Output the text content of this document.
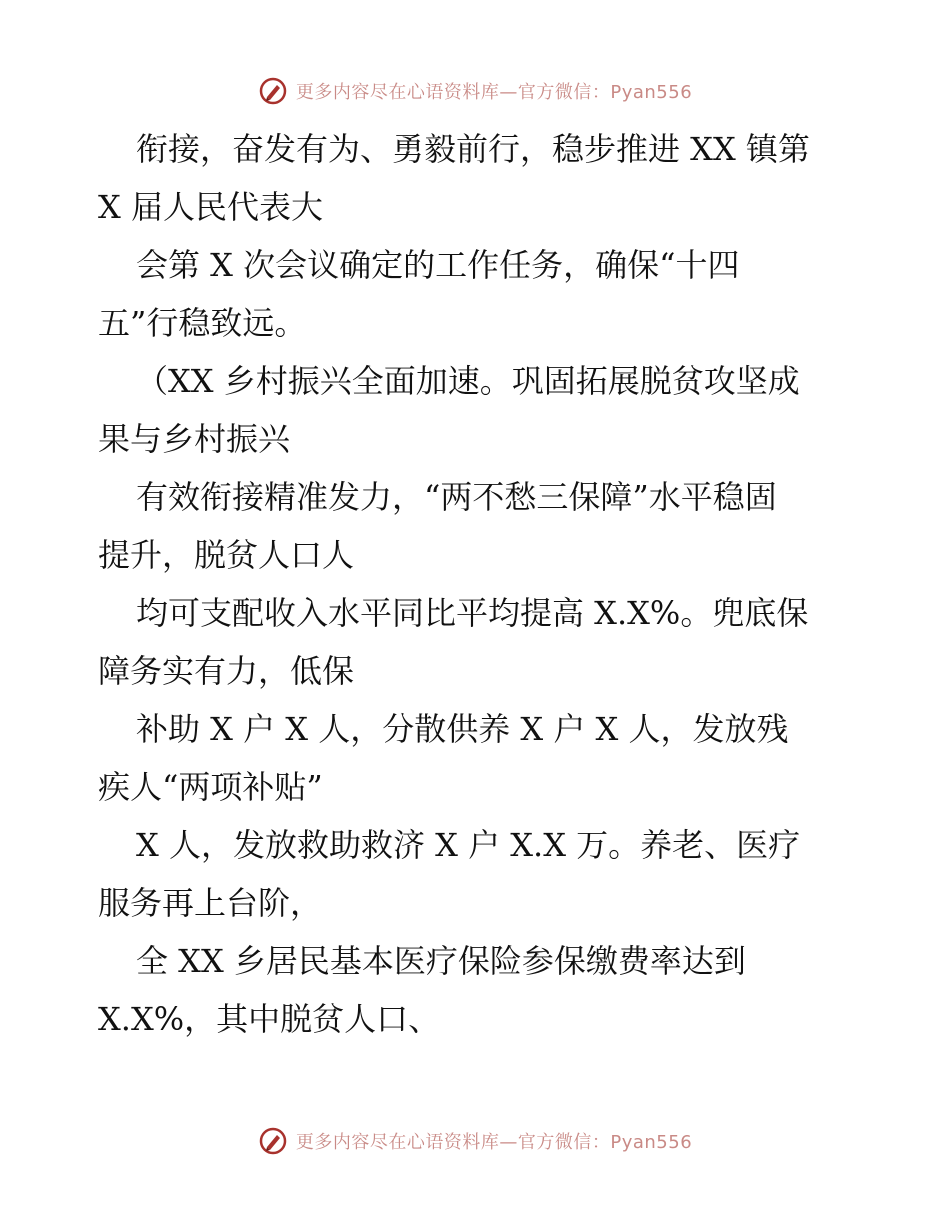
更多内容尽在心语资料库—官方微信：Pyan556

衔接，奋发有为、勇毅前行，稳步推进 XX 镇第
X 届人民代表大

会第 X 次会议确定的工作任务，确保“十四
五”行稳致远。

（XX 乡村振兴全面加速。巩固拓展脱贫攻坚成
果与乡村振兴

有效衔接精准发力，“两不愁三保障”水平稳固
提升，脱贫人口人

均可支配收入水平同比平均提高 X.X%。兜底保
障务实有力，低保

补助 X 户 X 人，分散供养 X 户 X 人，发放残
疾人“两项补贴”

X 人，发放救助救济 X 户 X.X 万。养老、医疗
服务再上台阶，

全 XX 乡居民基本医疗保险参保缴费率达到
X.X%，其中脱贫人口、

更多内容尽在心语资料库—官方微信：Pyan556
